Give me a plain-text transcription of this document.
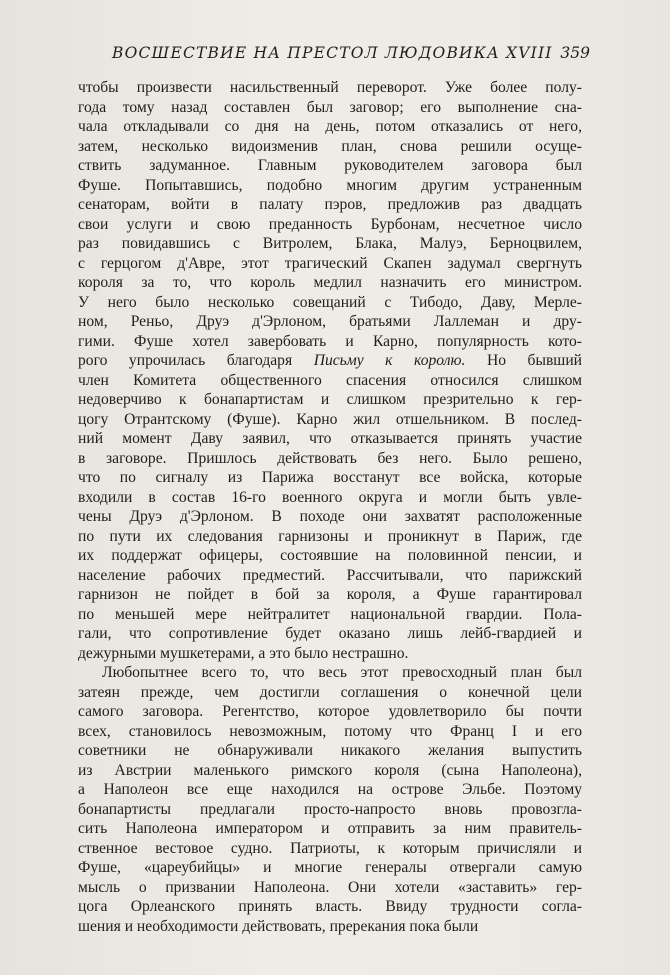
ВОСШЕСТВИЕ НА ПРЕСТОЛ ЛЮДОВИКА XVIII 359
чтобы произвести насильственный переворот. Уже более полу-
года тому назад составлен был заговор; его выполнение сна-
чала откладывали со дня на день, потом отказались от него,
затем, несколько видоизменив план, снова решили осуще-
ствить задуманное. Главным руководителем заговора был
Фуше. Попытавшись, подобно многим другим устраненным
сенаторам, войти в палату пэров, предложив раз двадцать
свои услуги и свою преданность Бурбонам, несчетное число
раз повидавшись с Витролем, Блака, Малуэ, Берноцвилем,
с герцогом д'Авре, этот трагический Скапен задумал свергнуть
короля за то, что король медлил назначить его министром.
У него было несколько совещаний с Тибодо, Даву, Мерле-
ном, Реньо, Друэ д'Эрлоном, братьями Лаллеман и дру-
гими. Фуше хотел завербовать и Карно, популярность кото-
рого упрочилась благодаря Письму к королю. Но бывший
член Комитета общественного спасения относился слишком
недоверчиво к бонапартистам и слишком презрительно к гер-
цогу Отрантскому (Фуше). Карно жил отшельником. В послед-
ний момент Даву заявил, что отказывается принять участие
в заговоре. Пришлось действовать без него. Было решено,
что по сигналу из Парижа восстанут все войска, которые
входили в состав 16-го военного округа и могли быть увле-
чены Друэ д'Эрлоном. В походе они захватят расположенные
по пути их следования гарнизоны и проникнут в Париж, где
их поддержат офицеры, состоявшие на половинной пенсии, и
население рабочих предместий. Рассчитывали, что парижский
гарнизон не пойдет в бой за короля, а Фуше гарантировал
по меньшей мере нейтралитет национальной гвардии. Пола-
гали, что сопротивление будет оказано лишь лейб-гвардией и
дежурными мушкетерами, а это было нестрашно.
Любопытнее всего то, что весь этот превосходный план был
затеян прежде, чем достигли соглашения о конечной цели
самого заговора. Регентство, которое удовлетворило бы почти
всех, становилось невозможным, потому что Франц I и его
советники не обнаруживали никакого желания выпустить
из Австрии маленького римского короля (сына Наполеона),
а Наполеон все еще находился на острове Эльбе. Поэтому
бонапартисты предлагали просто-напросто вновь провозгла-
сить Наполеона императором и отправить за ним правитель-
ственное вестовое судно. Патриоты, к которым причисляли и
Фуше, «цареубийцы» и многие генералы отвергали самую
мысль о призвании Наполеона. Они хотели «заставить» гер-
цога Орлеанского принять власть. Ввиду трудности согла-
шения и необходимости действовать, пререкания пока были
